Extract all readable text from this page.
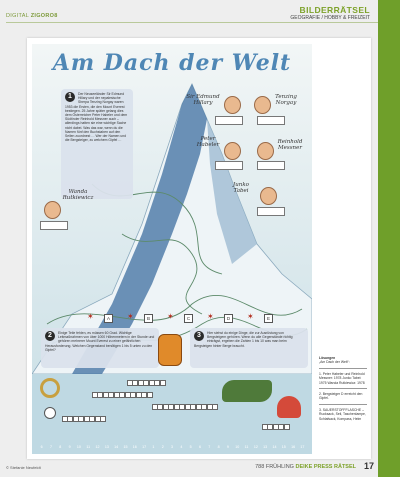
DIGITAL ZIGORO8
BILDERRÄTSEL
GEOGRAFIE / HOBBY & FREIZEIT
Am Dach der Welt
1	Der Neuseeländer Sir Edmund Hillary und der nepalesische Sherpa Tenzing Norgay waren 1953 die Ersten, die den Mount Everest bestiegen. 25 Jahre später gelang dies dem Österreicher Peter Habeler und dem Südtiroler Reinhold Messner auch – allerdings hatten sie eine wichtige Sache nicht dabei. Was das war, wenn du die Namen fünf den Buchstaben auf den Seilen zuordnest … Wer der Namen und die Bergsteiger, zu welchem Gipfel …
Sir Edmund Hillary
Tenzing Norgay
Peter Habeler	Reinhold Messner
Junko Tabei
Wanda Rutkiewicz
A	B	C	D	E
✶	✶	✶	✶	✶
2	Einige Teile fehlen, es müssen 60 Grad. Wichtige Leitmaßnahmen von über 1000 Höhenmetern in der Stunde und gehören mehrerer Mount Everest zu einer gefährlichen Herausforderung. Welchen Gegenstand benötigen 1 bis 5 unten zu den Gipfel?
3	Hier siehst du einige Dinge, die zur Ausrüstung von Bergsteigern gehören. Wenn du alle Gegenstände richtig einträgst, ergeben die Zahlen 1 bis 10 was man beim Bergsteigen hinter Berge braucht.
6	7	8	9	10	11	12	13	14	15	16	17	1	2	3	4	5	6	7	8	9	10	11	12	13	14	15	16	17
Lösungen
„Am Dach der Welt“:
1. Peter Habeler und Reinhold Messner: 1978 Junko Tabei: 1975 Wanda Rutkiewicz: 1978
2. Bergsteiger D erreicht den Gipfel.
3. SAUERSTOFFFLASCHE – Rucksack, Seil, Taschenlampe, Schlafsack, Kompass, Helm
© Stefanie Neufeldt	788 FRÜHLING DEIKE PRESS RÄTSEL 17
